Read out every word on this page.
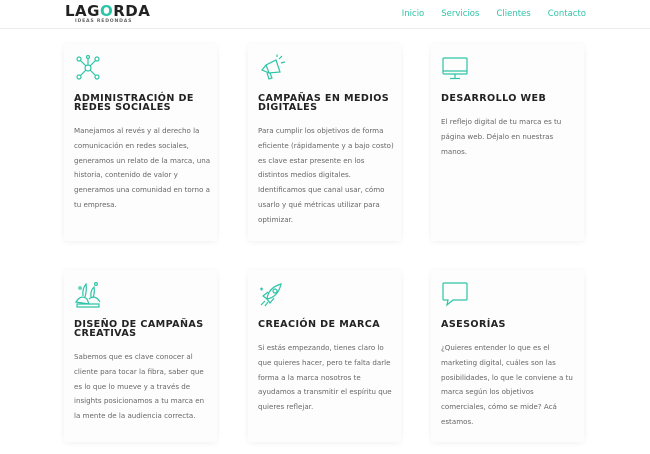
LAGORDA
IDEAS REDONDAS
Inicio Servicios Clientes Contacto
ADMINISTRACIÓN DE REDES SOCIALES

Manejamos al revés y al derecho la comunicación en redes sociales, generamos un relato de la marca, una historia, contenido de valor y generamos una comunidad en torno a tu empresa.

CAMPAÑAS EN MEDIOS DIGITALES

Para cumplir los objetivos de forma eficiente (rápidamente y a bajo costo) es clave estar presente en los distintos medios digitales. Identificamos que canal usar, cómo usarlo y qué métricas utilizar para optimizar.

DESARROLLO WEB

El reflejo digital de tu marca es tu página web. Déjalo en nuestras manos.

DISEÑO DE CAMPAÑAS CREATIVAS

Sabemos que es clave conocer al cliente para tocar la fibra, saber que es lo que lo mueve y a través de insights posicionamos a tu marca en la mente de la audiencia correcta.

CREACIÓN DE MARCA

Si estás empezando, tienes claro lo que quieres hacer, pero te falta darle forma a la marca nosotros te ayudamos a transmitir el espíritu que quieres reflejar.

ASESORÍAS

¿Quieres entender lo que es el marketing digital, cuáles son las posibilidades, lo que le conviene a tu marca según los objetivos comerciales, cómo se mide? Acá estamos.
